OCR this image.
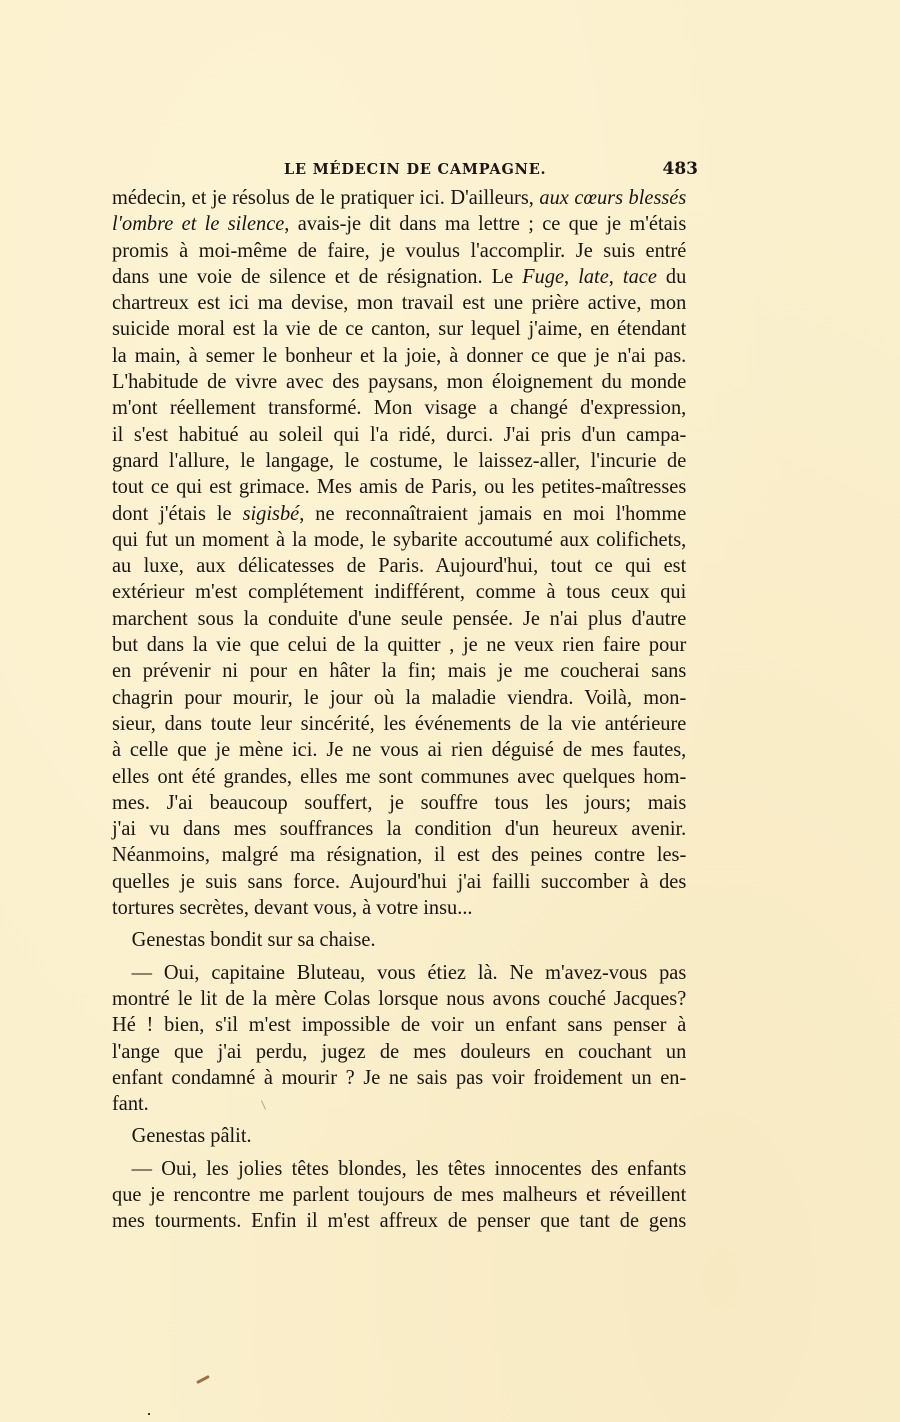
LE MÉDECIN DE CAMPAGNE.	483
médecin, et je résolus de le pratiquer ici. D'ailleurs, aux cœurs blessés
l'ombre et le silence, avais-je dit dans ma lettre ; ce que je m'étais
promis à moi-même de faire, je voulus l'accomplir. Je suis entré
dans une voie de silence et de résignation. Le Fuge, late, tace du
chartreux est ici ma devise, mon travail est une prière active, mon
suicide moral est la vie de ce canton, sur lequel j'aime, en étendant
la main, à semer le bonheur et la joie, à donner ce que je n'ai pas.
L'habitude de vivre avec des paysans, mon éloignement du monde
m'ont réellement transformé. Mon visage a changé d'expression,
il s'est habitué au soleil qui l'a ridé, durci. J'ai pris d'un campa-
gnard l'allure, le langage, le costume, le laissez-aller, l'incurie de
tout ce qui est grimace. Mes amis de Paris, ou les petites-maîtresses
dont j'étais le sigisbé, ne reconnaîtraient jamais en moi l'homme
qui fut un moment à la mode, le sybarite accoutumé aux colifichets,
au luxe, aux délicatesses de Paris. Aujourd'hui, tout ce qui est
extérieur m'est complétement indifférent, comme à tous ceux qui
marchent sous la conduite d'une seule pensée. Je n'ai plus d'autre
but dans la vie que celui de la quitter , je ne veux rien faire pour
en prévenir ni pour en hâter la fin; mais je me coucherai sans
chagrin pour mourir, le jour où la maladie viendra. Voilà, mon-
sieur, dans toute leur sincérité, les événements de la vie antérieure
à celle que je mène ici. Je ne vous ai rien déguisé de mes fautes,
elles ont été grandes, elles me sont communes avec quelques hom-
mes. J'ai beaucoup souffert, je souffre tous les jours; mais
j'ai vu dans mes souffrances la condition d'un heureux avenir.
Néanmoins, malgré ma résignation, il est des peines contre les-
quelles je suis sans force. Aujourd'hui j'ai failli succomber à des
tortures secrètes, devant vous, à votre insu...
Genestas bondit sur sa chaise.
— Oui, capitaine Bluteau, vous étiez là. Ne m'avez-vous pas
montré le lit de la mère Colas lorsque nous avons couché Jacques?
Hé ! bien, s'il m'est impossible de voir un enfant sans penser à
l'ange que j'ai perdu, jugez de mes douleurs en couchant un
enfant condamné à mourir ? Je ne sais pas voir froidement un en-
fant.
Genestas pâlit.
— Oui, les jolies têtes blondes, les têtes innocentes des enfants
que je rencontre me parlent toujours de mes malheurs et réveillent
mes tourments. Enfin il m'est affreux de penser que tant de gens
